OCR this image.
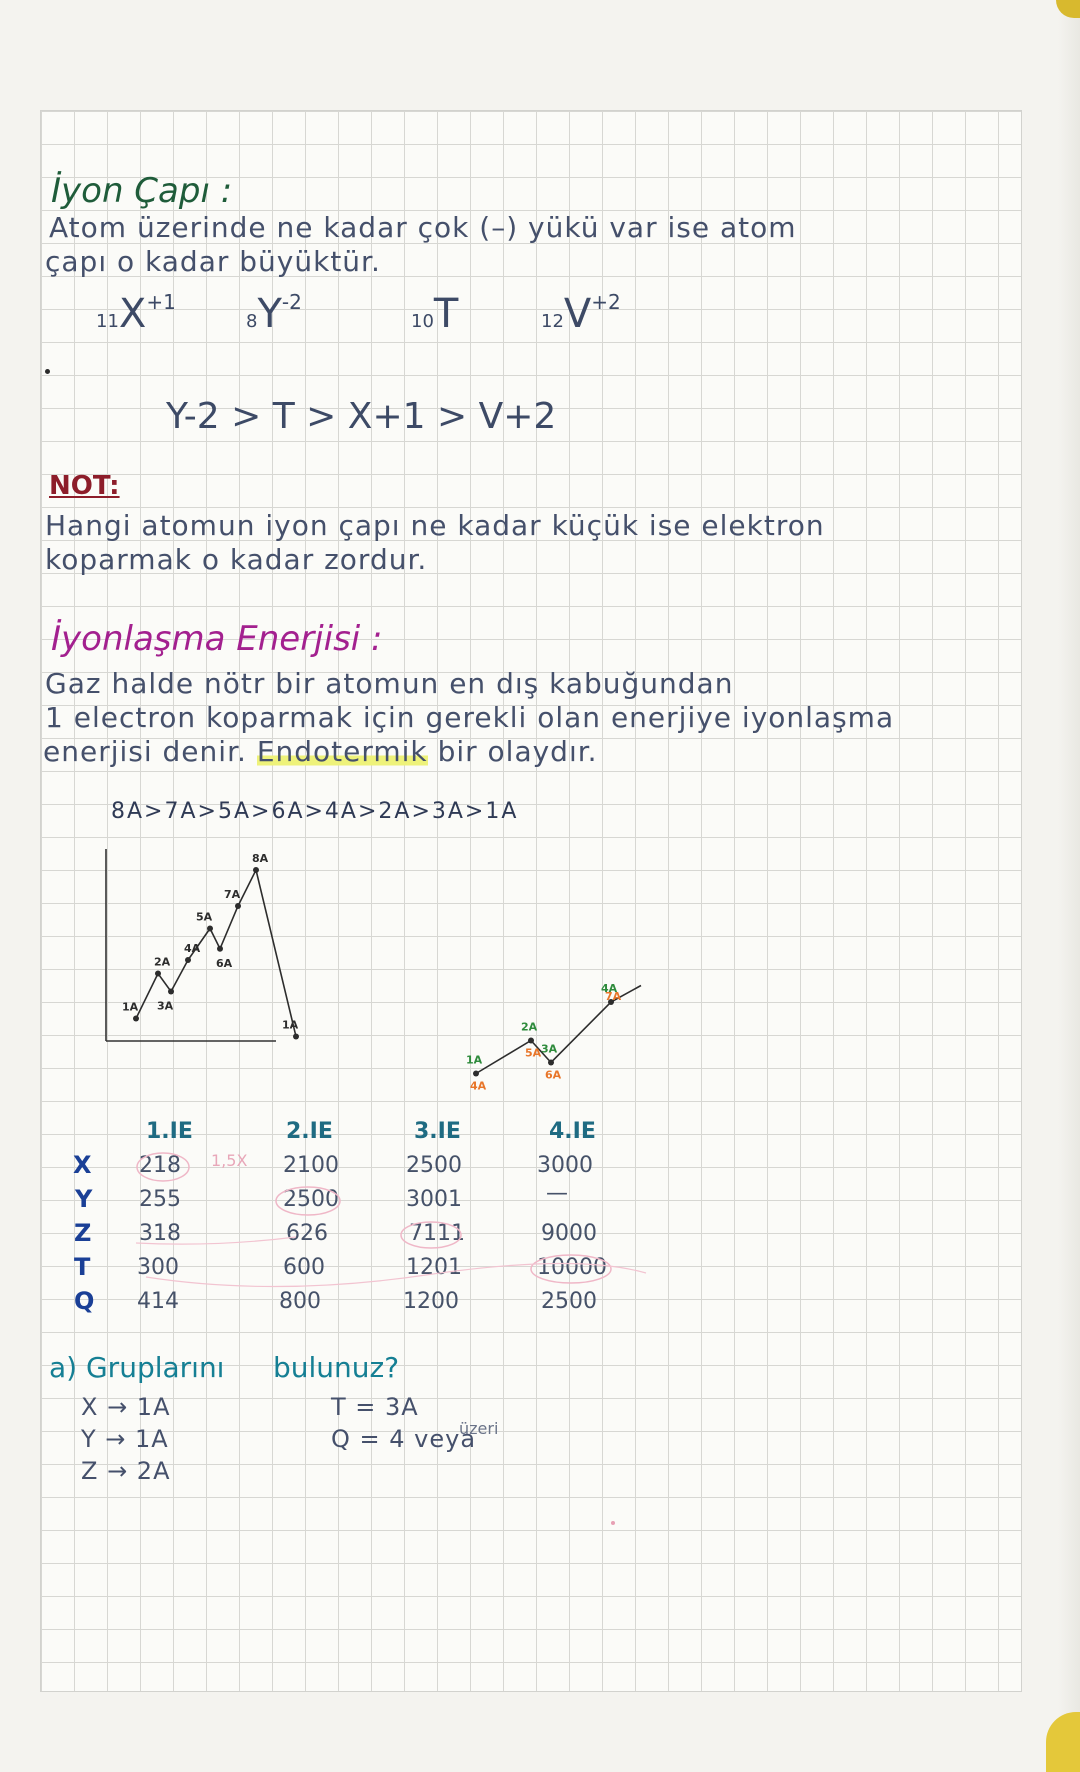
İyon Çapı :
Atom üzerinde ne kadar çok (–) yükü var ise atom
çapı o kadar büyüktür.
$11X^{+1}$
$8Y^{-2}$
10T	$12V^{+2}$
Y-2 > T > X+1 > V+2
NOT:
Hangi atomun iyon çapı ne kadar küçük ise elektron
koparmak o kadar zordur.
İyonlaşma Enerjisi :
Gaz halde nötr bir atomun en dış kabuğundan
1 electron koparmak için gerekli olan enerjiye iyonlaşma
enerjisi denir. Endotermik bir olaydır.
8A>7A>5A>6A>4A>2A>3A>1A
1A
2A
3A
4A
5A
6A
7A
8A
1A
1A
4A
2A
5A 3A
6A
4A
7A
1.IE	2.IE	3.IE	4.IE
1,5X
X 218	2100	2500	3000
Y 255	2500	3001	—
Z 318	626	7111	9000
T 300	600	1201	10000
Q 414	800	1200	2500
a) Gruplarını bulunuz?
X → 1A
Y → 1A
Z → 2A
T = 3A
Q = 4 veya
üzeri
